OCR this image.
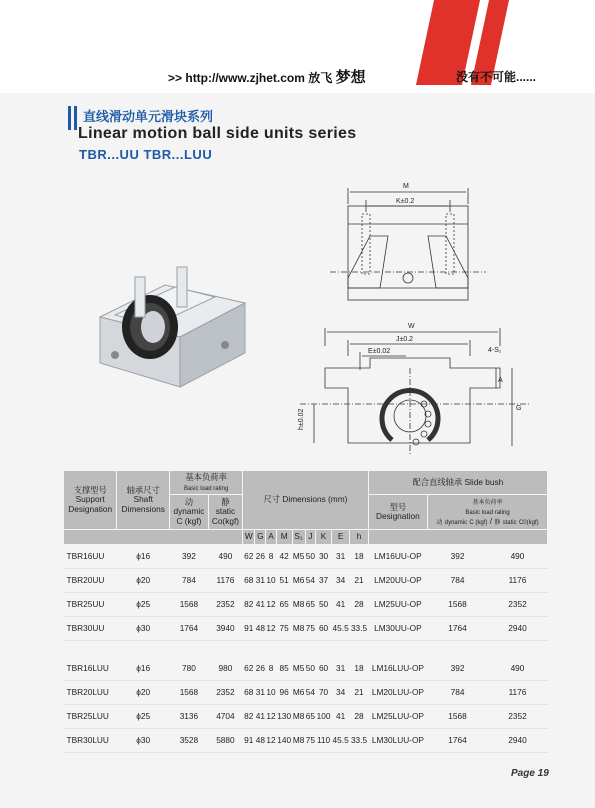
>> http://www.zjhet.com 放飞 梦想	没有不可能......
直线滑动单元滑块系列
Linear motion ball side units series
TBR...UU TBR...LUU
M
K±0.2
W
J±0.2
E±0.02	4-S₁
A
G
h±0.02
支撑型号
Support
Designation	轴承尺寸
Shaft
Dimensions	基本负荷率
Basic load rating		尺寸 Dimensions (mm)									配合直线轴承 Slide bush		
		动
dynamic
C (kgf)	静
static
Co(kgf)										型号
Designation	基本负荷率
Basic load rating
动 dynamic C (kgf) / 静 static C0(kgf)	
				W	G	A	M	S₁	J	K	E	h			
TBR16UU	ϕ16	392	490	62	26	8	42	M5	50	30	31	18	LM16UU-OP	392	490
TBR20UU	ϕ20	784	1176	68	31	10	51	M6	54	37	34	21	LM20UU-OP	784	1176
TBR25UU	ϕ25	1568	2352	82	41	12	65	M8	65	50	41	28	LM25UU-OP	1568	2352
TBR30UU	ϕ30	1764	3940	91	48	12	75	M8	75	60	45.5	33.5	LM30UU-OP	1764	2940

TBR16LUU	ϕ16	780	980	62	26	8	85	M5	50	60	31	18	LM16LUU-OP	392	490
TBR20LUU	ϕ20	1568	2352	68	31	10	96	M6	54	70	34	21	LM20LUU-OP	784	1176
TBR25LUU	ϕ25	3136	4704	82	41	12	130	M8	65	100	41	28	LM25LUU-OP	1568	2352
TBR30LUU	ϕ30	3528	5880	91	48	12	140	M8	75	110	45.5	33.5	LM30LUU-OP	1764	2940
Page 19
